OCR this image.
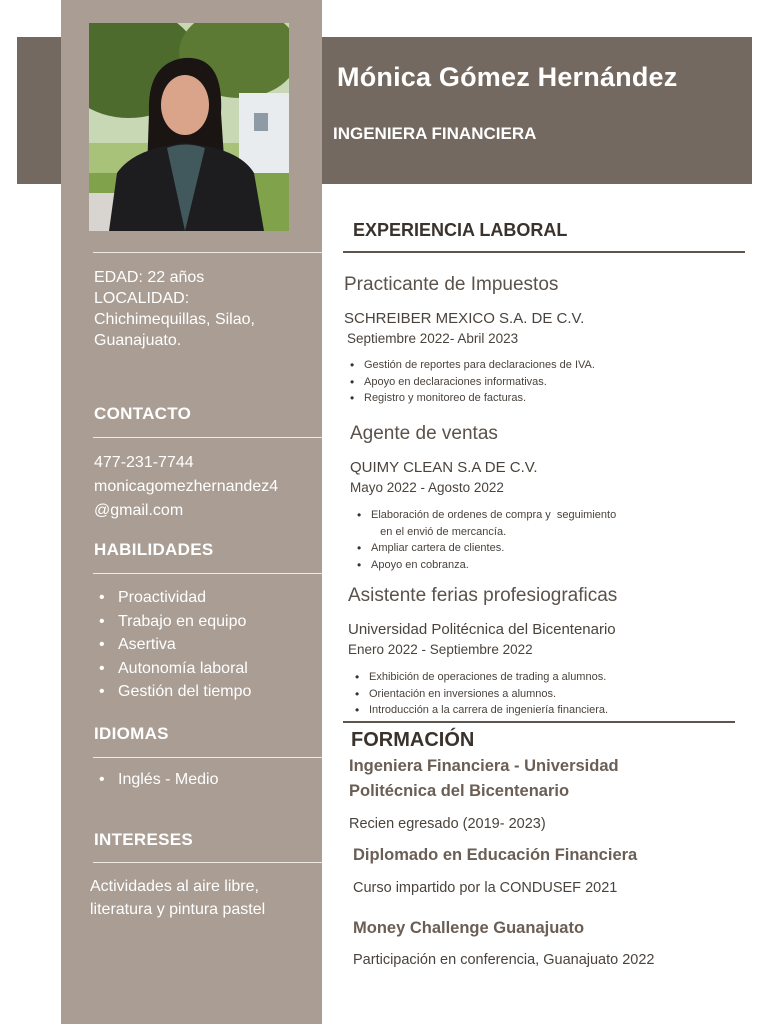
Mónica Gómez Hernández
INGENIERA FINANCIERA
EDAD: 22 años
LOCALIDAD:
Chichimequillas, Silao,
Guanajuato.
CONTACTO
477-231-7744
monicagomezhernandez4
@gmail.com
HABILIDADES
• Proactividad
• Trabajo en equipo
• Asertiva
• Autonomía laboral
• Gestión del tiempo
IDIOMAS
• Inglés - Medio
INTERESES
Actividades al aire libre,
literatura y pintura pastel
EXPERIENCIA LABORAL
Practicante de Impuestos
SCHREIBER MEXICO S.A. DE C.V.
Septiembre 2022- Abril 2023
• Gestión de reportes para declaraciones de IVA.
• Apoyo en declaraciones informativas.
• Registro y monitoreo de facturas.
Agente de ventas
QUIMY CLEAN S.A DE C.V.
Mayo 2022 - Agosto 2022
• Elaboración de ordenes de compra y  seguimiento
en el envió de mercancía.
• Ampliar cartera de clientes.
• Apoyo en cobranza.
Asistente ferias profesiograficas
Universidad Politécnica del Bicentenario
Enero 2022 - Septiembre 2022
• Exhibición de operaciones de trading a alumnos.
• Orientación en inversiones a alumnos.
• Introducción a la carrera de ingeniería financiera.
FORMACIÓN
Ingeniera Financiera - Universidad
Politécnica del Bicentenario
Recien egresado (2019- 2023)
Diplomado en Educación Financiera
Curso impartido por la CONDUSEF 2021
Money Challenge Guanajuato
Participación en conferencia, Guanajuato 2022
